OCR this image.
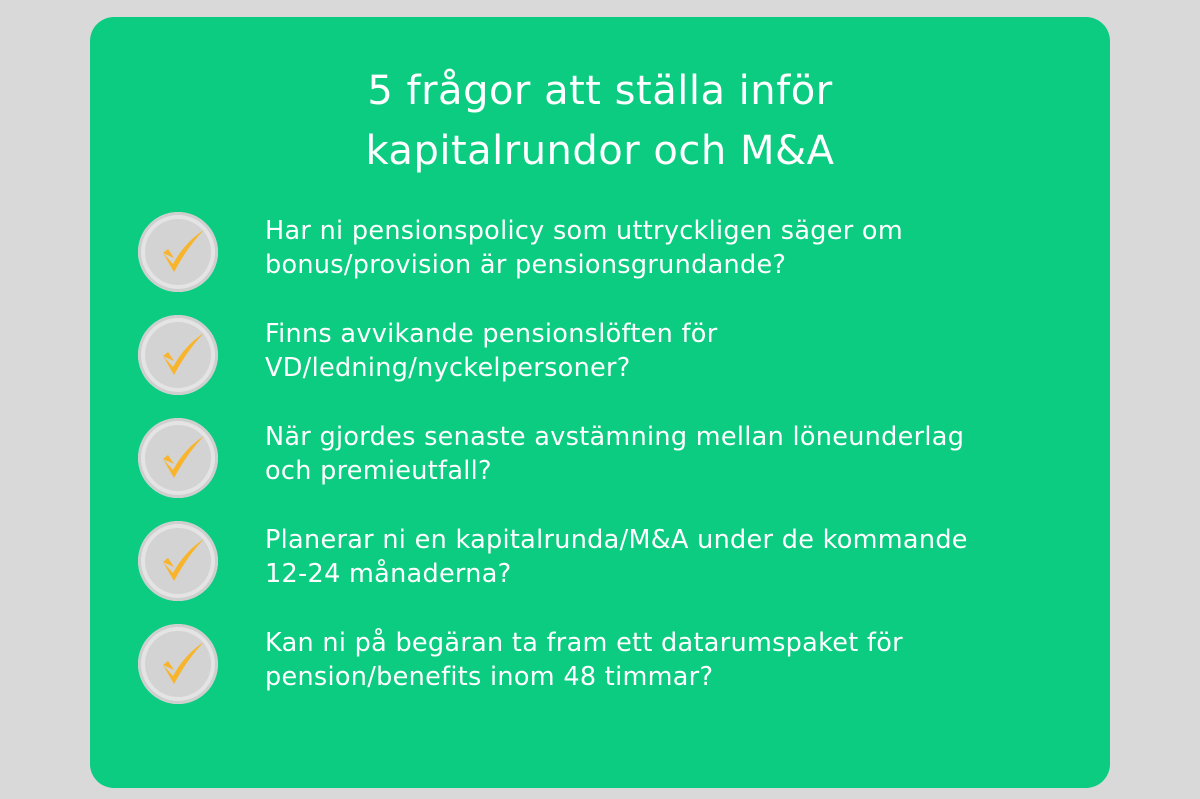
5 frågor att ställa inför
kapitalrundor och M&A
Har ni pensionspolicy som uttryckligen säger om
bonus/provision är pensionsgrundande?
Finns avvikande pensionslöften för
VD/ledning/nyckelpersoner?
När gjordes senaste avstämning mellan löneunderlag
och premieutfall?
Planerar ni en kapitalrunda/M&A under de kommande
12-24 månaderna?
Kan ni på begäran ta fram ett datarumspaket för
pension/benefits inom 48 timmar?
